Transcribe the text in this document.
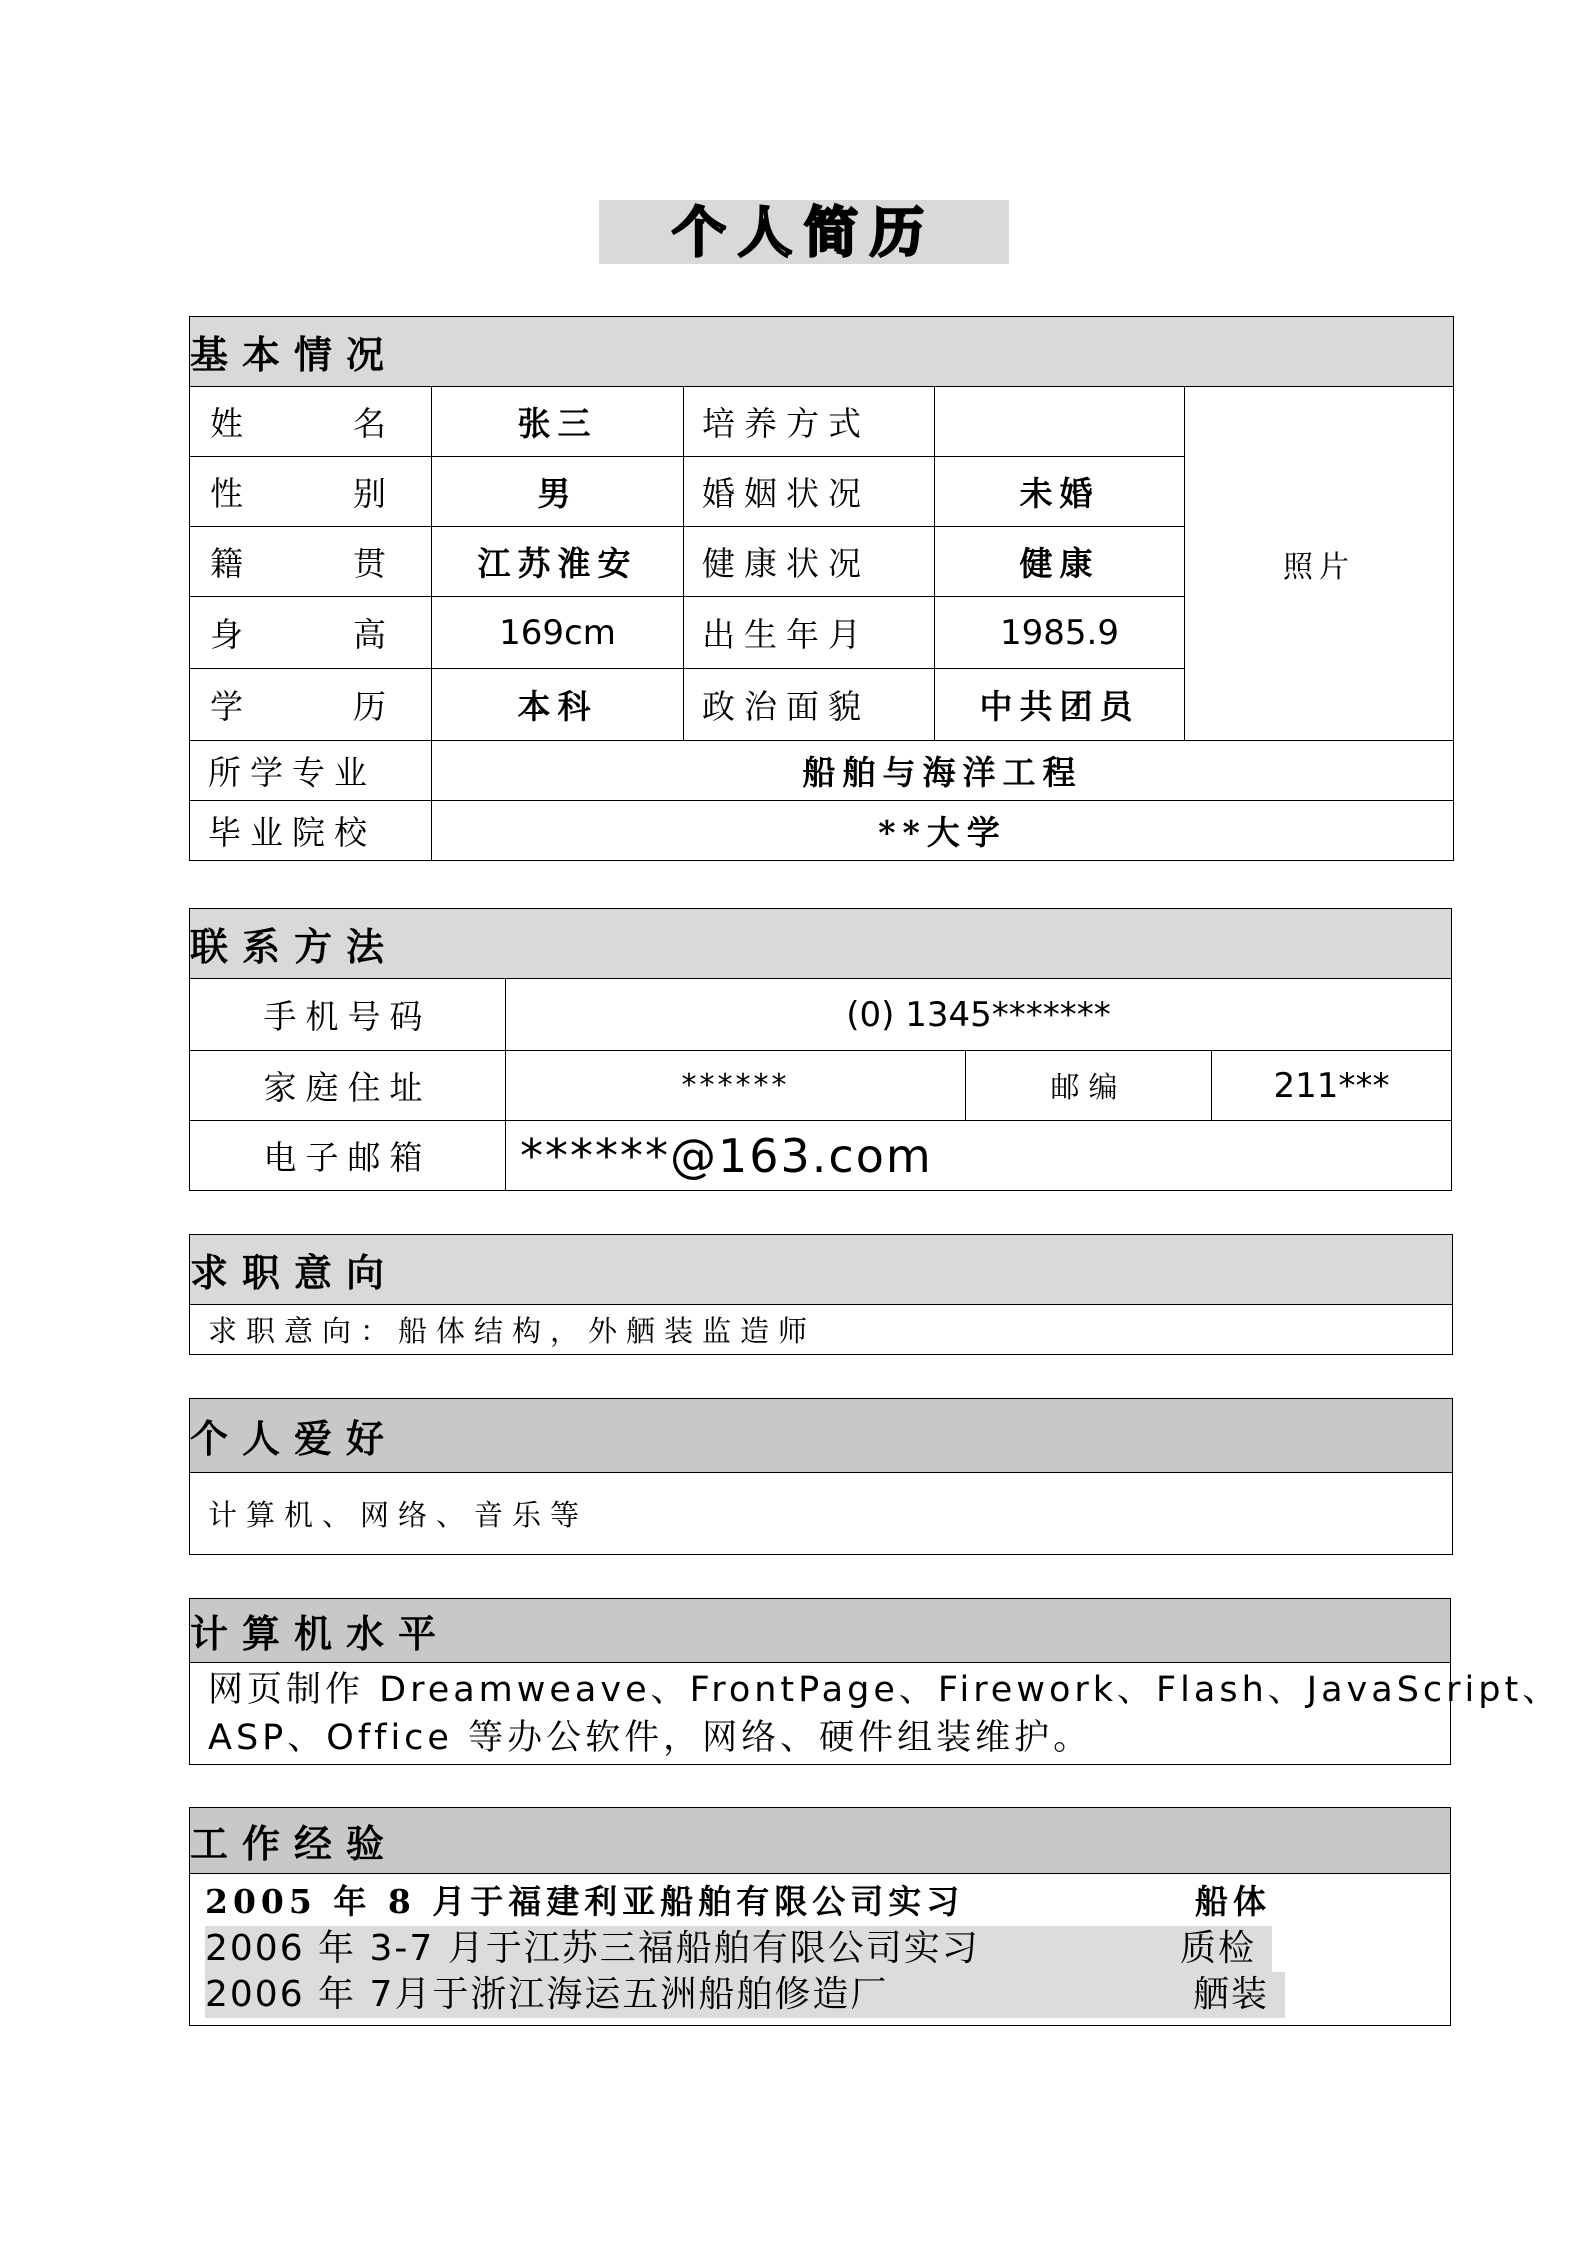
个人简历
基本情况				

姓名	张三	培养方式		照片

性别	男	婚姻状况	未婚	

籍贯	江苏淮安	健康状况	健康	

身高	169cm	出生年月	1985.9	

学历	本科	政治面貌	中共团员	
所学专业	船舶与海洋工程			
毕业院校	**大学			
联系方法			
手机号码	(0) 1345*******		
家庭住址	******	邮编	211***
电子邮箱	******@163.com		
求职意向
求职意向：船体结构，外舾装监造师
个人爱好
计算机、网络、音乐等
计算机水平

网页制作 Dreamweave、FrontPage、Firework、Flash、JavaScript、
ASP、Office 等办公软件，网络、硬件组装维护。
工作经验

2005 年 8 月于福建利亚船舶有限公司实习	船体
2006 年 3-7 月于江苏三福船舶有限公司实习	质检
2006 年 7月于浙江海运五洲船舶修造厂	舾装
